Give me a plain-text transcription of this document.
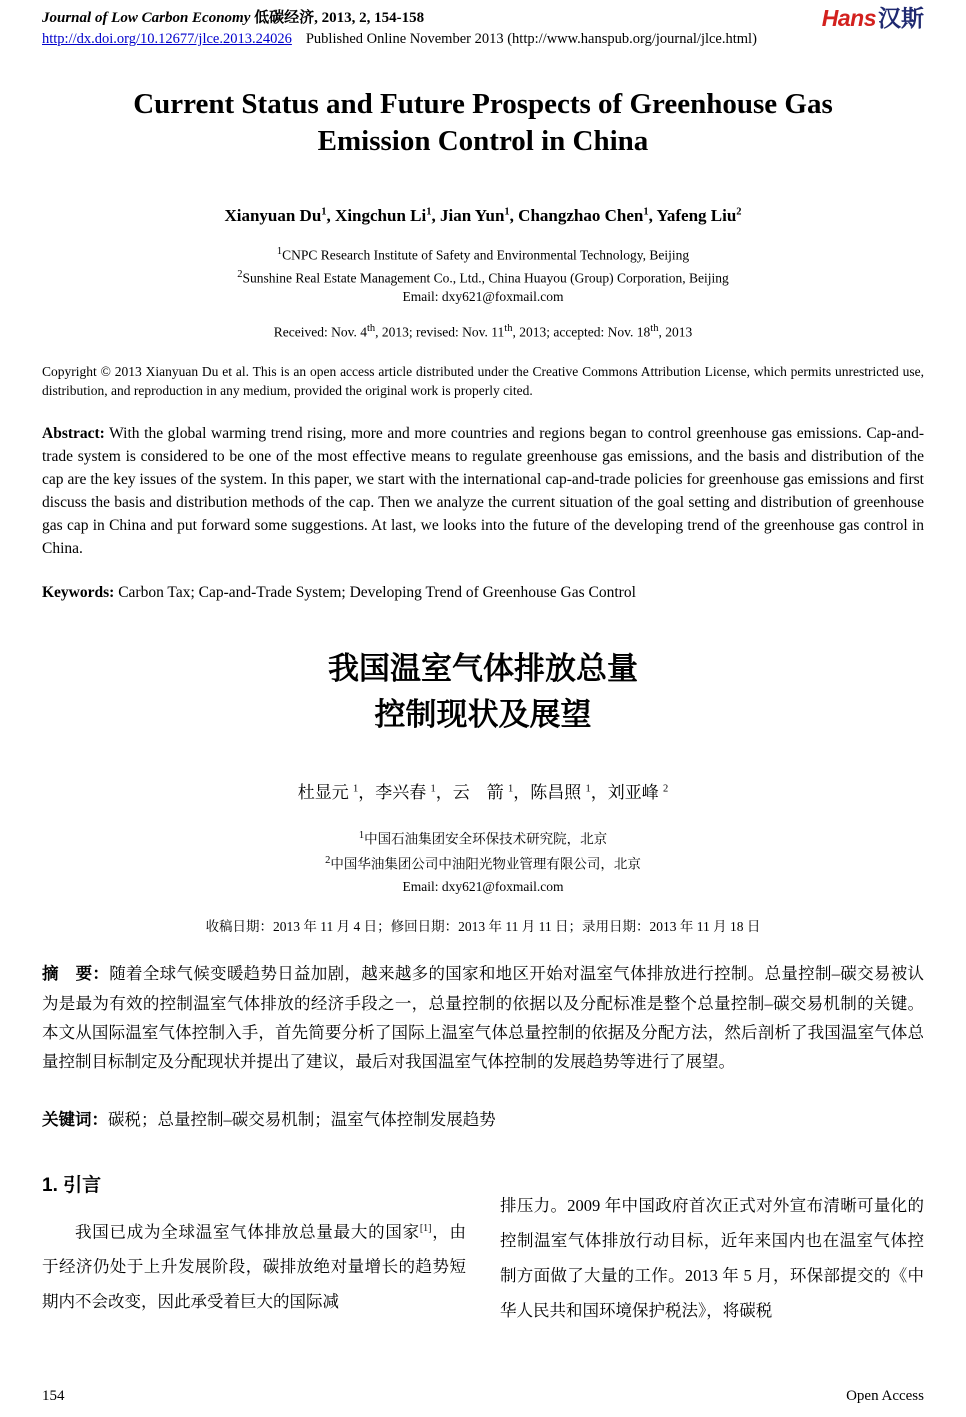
Journal of Low Carbon Economy 低碳经济, 2013, 2, 154-158
http://dx.doi.org/10.12677/jlce.2013.24026 Published Online November 2013 (http://www.hanspub.org/journal/jlce.html)
Hans汉斯
Current Status and Future Prospects of Greenhouse Gas
Emission Control in China
Xianyuan Du$^1$, Xingchun Li$^1$, Jian Yun$^1$, Changzhao Chen$^1$, Yafeng Liu$^2$
$^1$CNPC Research Institute of Safety and Environmental Technology, Beijing
$^2$Sunshine Real Estate Management Co., Ltd., China Huayou (Group) Corporation, Beijing
Email: dxy621@foxmail.com
Received: Nov. 4th, 2013; revised: Nov. 11th, 2013; accepted: Nov. 18th, 2013

Copyright © 2013 Xianyuan Du et al. This is an open access article distributed under the Creative Commons Attribution License, which permits unrestricted use, distribution, and reproduction in any medium, provided the original work is properly cited.

Abstract: With the global warming trend rising, more and more countries and regions began to control greenhouse gas emissions. Cap-and-trade system is considered to be one of the most effective means to regulate greenhouse gas emissions, and the basis and distribution of the cap are the key issues of the system. In this paper, we start with the international cap-and-trade policies for greenhouse gas emissions and first discuss the basis and distribution methods of the cap. Then we analyze the current situation of the goal setting and distribution of greenhouse gas cap in China and put forward some suggestions. At last, we looks into the future of the developing trend of the greenhouse gas control in China.

Keywords: Carbon Tax; Cap-and-Trade System; Developing Trend of Greenhouse Gas Control

我国温室气体排放总量
控制现状及展望
杜显元 $^1$，李兴春 $^1$，云　箭 $^1$，陈昌照 $^1$，刘亚峰 $^2$
$^1$中国石油集团安全环保技术研究院，北京
$^2$中国华油集团公司中油阳光物业管理有限公司，北京
Email: dxy621@foxmail.com
收稿日期：2013 年 11 月 4 日；修回日期：2013 年 11 月 11 日；录用日期：2013 年 11 月 18 日

摘　要：随着全球气候变暖趋势日益加剧，越来越多的国家和地区开始对温室气体排放进行控制。总量控制–碳交易被认为是最为有效的控制温室气体排放的经济手段之一，总量控制的依据以及分配标准是整个总量控制–碳交易机制的关键。本文从国际温室气体控制入手，首先简要分析了国际上温室气体总量控制的依据及分配方法，然后剖析了我国温室气体总量控制目标制定及分配现状并提出了建议，最后对我国温室气体控制的发展趋势等进行了展望。

关键词：碳税；总量控制–碳交易机制；温室气体控制发展趋势

1. 引言

我国已成为全球温室气体排放总量最大的国家[1]，由于经济仍处于上升发展阶段，碳排放绝对量增长的趋势短期内不会改变，因此承受着巨大的国际减

排压力。2009 年中国政府首次正式对外宣布清晰可量化的控制温室气体排放行动目标，近年来国内也在温室气体控制方面做了大量的工作。2013 年 5 月，环保部提交的《中华人民共和国环境保护税法》，将碳税

154	Open Access
